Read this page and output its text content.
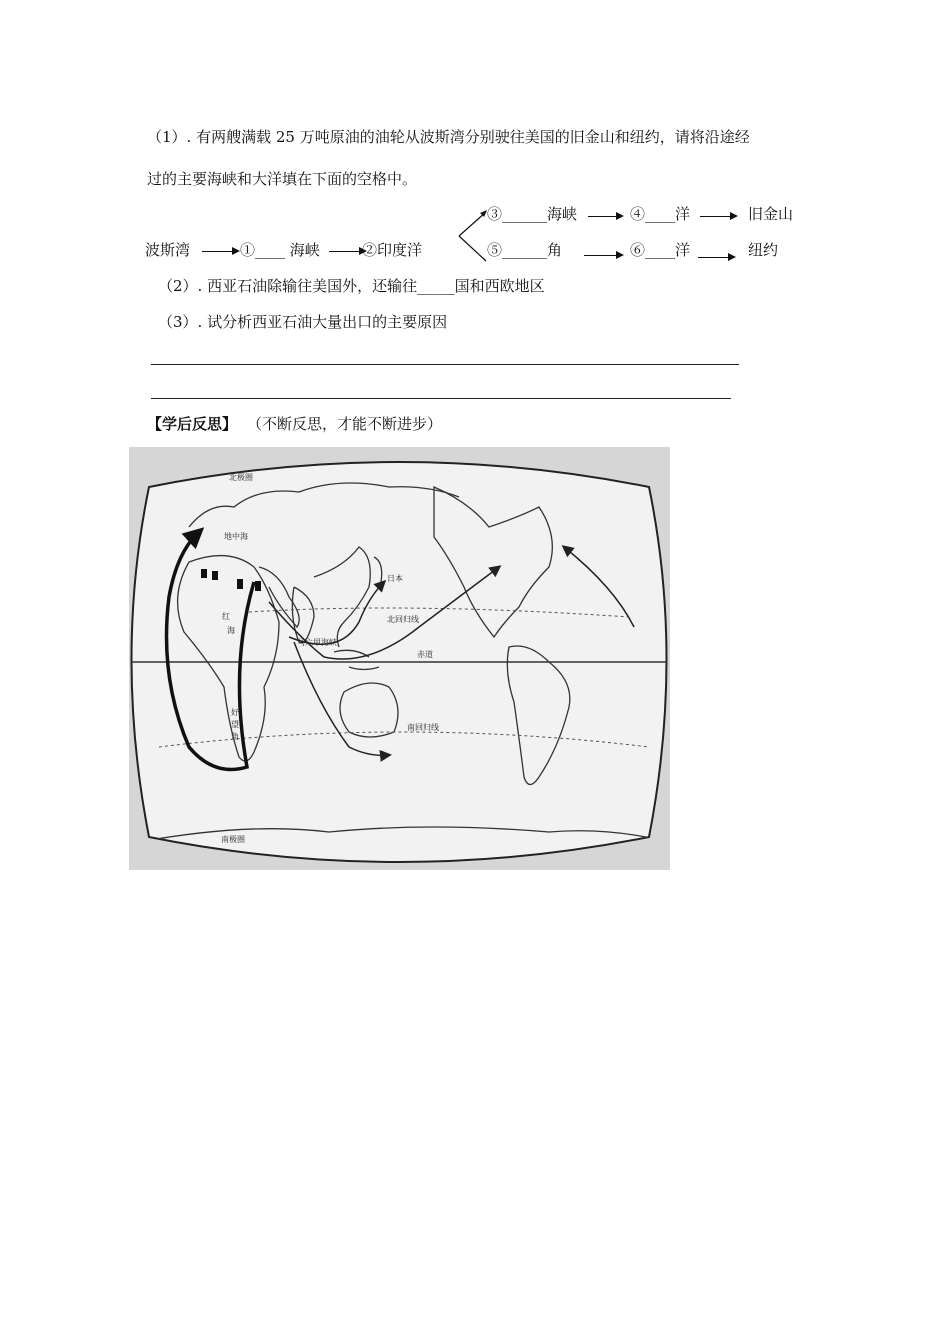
（1）. 有两艘满载 25 万吨原油的油轮从波斯湾分别驶往美国的旧金山和纽约，请将沿途经
过的主要海峡和大洋填在下面的空格中。
波斯湾	①____ 海峡	②印度洋
③______海峡	④____洋	旧金山
⑤______角	⑥____洋	纽约
（2）. 西亚石油除输往美国外，还输往_____国和西欧地区
（3）. 试分析西亚石油大量出口的主要原因
【学后反思】 （不断反思，才能不断进步）
北极圈
地中海
红
海
日本
北回归线
马六甲海峡
赤道
南回归线
好
望
角
南极圈
